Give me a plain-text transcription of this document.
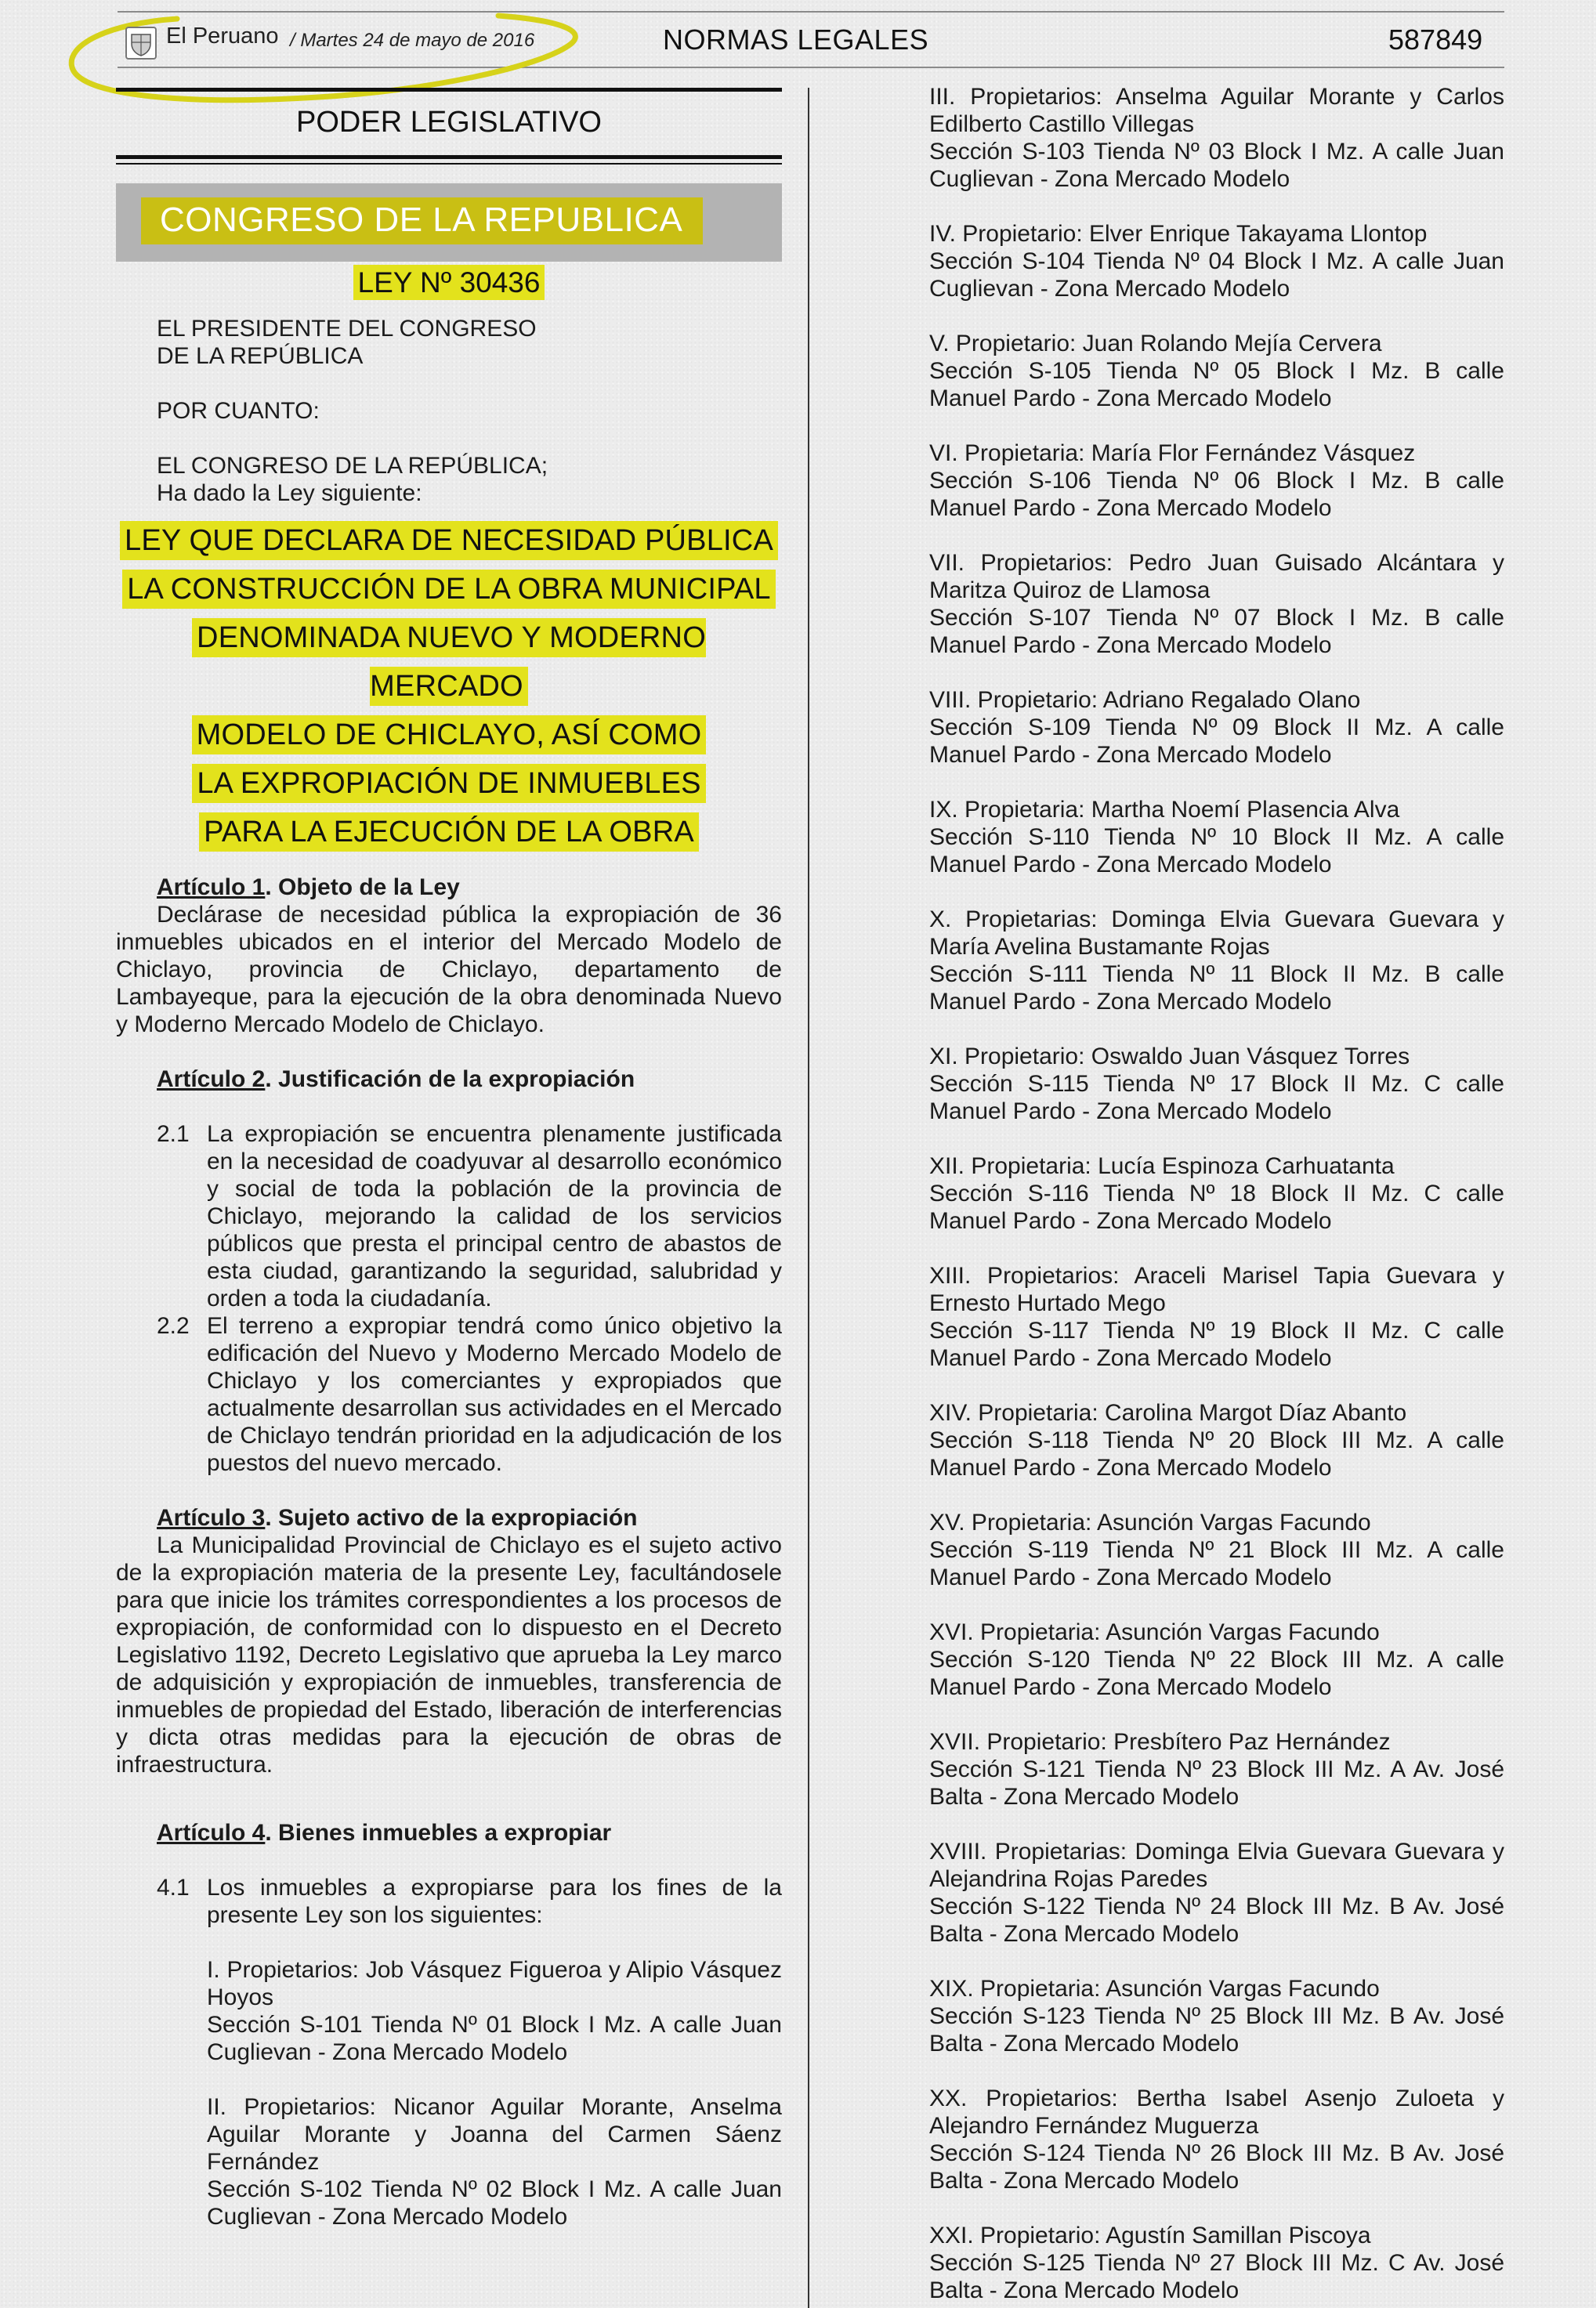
El Peruano / Martes 24 de mayo de 2016	NORMAS LEGALES	587849
PODER LEGISLATIVO
CONGRESO DE LA REPUBLICA
LEY Nº 30436

EL PRESIDENTE DEL CONGRESO
DE LA REPÚBLICA

POR CUANTO:

EL CONGRESO DE LA REPÚBLICA;
Ha dado la Ley siguiente:

LEY QUE DECLARA DE NECESIDAD PÚBLICA
LA CONSTRUCCIÓN DE LA OBRA MUNICIPAL
DENOMINADA NUEVO Y MODERNO MERCADO
MODELO DE CHICLAYO, ASÍ COMO
LA EXPROPIACIÓN DE INMUEBLES
PARA LA EJECUCIÓN DE LA OBRA

Artículo 1. Objeto de la Ley

Declárase de necesidad pública la expropiación de 36 inmuebles ubicados en el interior del Mercado Modelo de Chiclayo, provincia de Chiclayo, departamento de Lambayeque, para la ejecución de la obra denominada Nuevo y Moderno Mercado Modelo de Chiclayo.

Artículo 2. Justificación de la expropiación

2.1 La expropiación se encuentra plenamente justificada en la necesidad de coadyuvar al desarrollo económico y social de toda la población de la provincia de Chiclayo, mejorando la calidad de los servicios públicos que presta el principal centro de abastos de esta ciudad, garantizando la seguridad, salubridad y orden a toda la ciudadanía.
2.2 El terreno a expropiar tendrá como único objetivo la edificación del Nuevo y Moderno Mercado Modelo de Chiclayo y los comerciantes y expropiados que actualmente desarrollan sus actividades en el Mercado de Chiclayo tendrán prioridad en la adjudicación de los puestos del nuevo mercado.

Artículo 3. Sujeto activo de la expropiación

La Municipalidad Provincial de Chiclayo es el sujeto activo de la expropiación materia de la presente Ley, facultándosele para que inicie los trámites correspondientes a los procesos de expropiación, de conformidad con lo dispuesto en el Decreto Legislativo 1192, Decreto Legislativo que aprueba la Ley marco de adquisición y expropiación de inmuebles, transferencia de inmuebles de propiedad del Estado, liberación de interferencias y dicta otras medidas para la ejecución de obras de infraestructura.

Artículo 4. Bienes inmuebles a expropiar

4.1 Los inmuebles a expropiarse para los fines de la presente Ley son los siguientes:

I. Propietarios: Job Vásquez Figueroa y Alipio Vásquez Hoyos

Sección S-101 Tienda Nº 01 Block I Mz. A calle Juan Cuglievan - Zona Mercado Modelo

II. Propietarios: Nicanor Aguilar Morante, Anselma Aguilar Morante y Joanna del Carmen Sáenz Fernández

Sección S-102 Tienda Nº 02 Block I Mz. A calle Juan Cuglievan - Zona Mercado Modelo

III. Propietarios: Anselma Aguilar Morante y Carlos Edilberto Castillo Villegas

Sección S-103 Tienda Nº 03 Block I Mz. A calle Juan Cuglievan - Zona Mercado Modelo

IV. Propietario: Elver Enrique Takayama Llontop

Sección S-104 Tienda Nº 04 Block I Mz. A calle Juan Cuglievan - Zona Mercado Modelo

V. Propietario: Juan Rolando Mejía Cervera

Sección S-105 Tienda Nº 05 Block I Mz. B calle Manuel Pardo - Zona Mercado Modelo

VI. Propietaria: María Flor Fernández Vásquez

Sección S-106 Tienda Nº 06 Block I Mz. B calle Manuel Pardo - Zona Mercado Modelo

VII. Propietarios: Pedro Juan Guisado Alcántara y Maritza Quiroz de Llamosa

Sección S-107 Tienda Nº 07 Block I Mz. B calle Manuel Pardo - Zona Mercado Modelo

VIII. Propietario: Adriano Regalado Olano

Sección S-109 Tienda Nº 09 Block II Mz. A calle Manuel Pardo - Zona Mercado Modelo

IX. Propietaria: Martha Noemí Plasencia Alva

Sección S-110 Tienda Nº 10 Block II Mz. A calle Manuel Pardo - Zona Mercado Modelo

X. Propietarias: Dominga Elvia Guevara Guevara y María Avelina Bustamante Rojas

Sección S-111 Tienda Nº 11 Block II Mz. B calle Manuel Pardo - Zona Mercado Modelo

XI. Propietario: Oswaldo Juan Vásquez Torres

Sección S-115 Tienda Nº 17 Block II Mz. C calle Manuel Pardo - Zona Mercado Modelo

XII. Propietaria: Lucía Espinoza Carhuatanta

Sección S-116 Tienda Nº 18 Block II Mz. C calle Manuel Pardo - Zona Mercado Modelo

XIII. Propietarios: Araceli Marisel Tapia Guevara y Ernesto Hurtado Mego

Sección S-117 Tienda Nº 19 Block II Mz. C calle Manuel Pardo - Zona Mercado Modelo

XIV. Propietaria: Carolina Margot Díaz Abanto

Sección S-118 Tienda Nº 20 Block III Mz. A calle Manuel Pardo - Zona Mercado Modelo

XV. Propietaria: Asunción Vargas Facundo

Sección S-119 Tienda Nº 21 Block III Mz. A calle Manuel Pardo - Zona Mercado Modelo

XVI. Propietaria: Asunción Vargas Facundo

Sección S-120 Tienda Nº 22 Block III Mz. A calle Manuel Pardo - Zona Mercado Modelo

XVII. Propietario: Presbítero Paz Hernández

Sección S-121 Tienda Nº 23 Block III Mz. A Av. José Balta - Zona Mercado Modelo

XVIII. Propietarias: Dominga Elvia Guevara Guevara y Alejandrina Rojas Paredes

Sección S-122 Tienda Nº 24 Block III Mz. B Av. José Balta - Zona Mercado Modelo

XIX. Propietaria: Asunción Vargas Facundo

Sección S-123 Tienda Nº 25 Block III Mz. B Av. José Balta - Zona Mercado Modelo

XX. Propietarios: Bertha Isabel Asenjo Zuloeta y Alejandro Fernández Muguerza

Sección S-124 Tienda Nº 26 Block III Mz. B Av. José Balta - Zona Mercado Modelo

XXI. Propietario: Agustín Samillan Piscoya

Sección S-125 Tienda Nº 27 Block III Mz. C Av. José Balta - Zona Mercado Modelo
